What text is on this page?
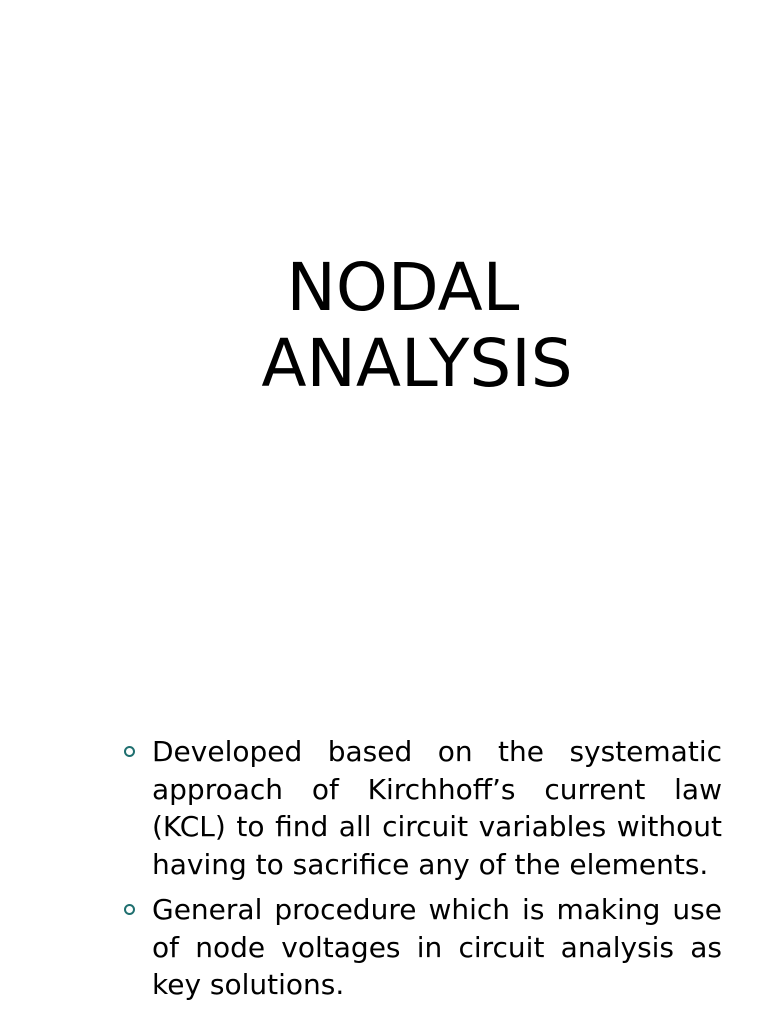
NODAL
ANALYSIS
Developed based on the systematic approach of Kirchhoff’s current law (KCL) to find all circuit variables without having to sacrifice any of the elements.
General procedure which is making use of node voltages in circuit analysis as key solutions.
